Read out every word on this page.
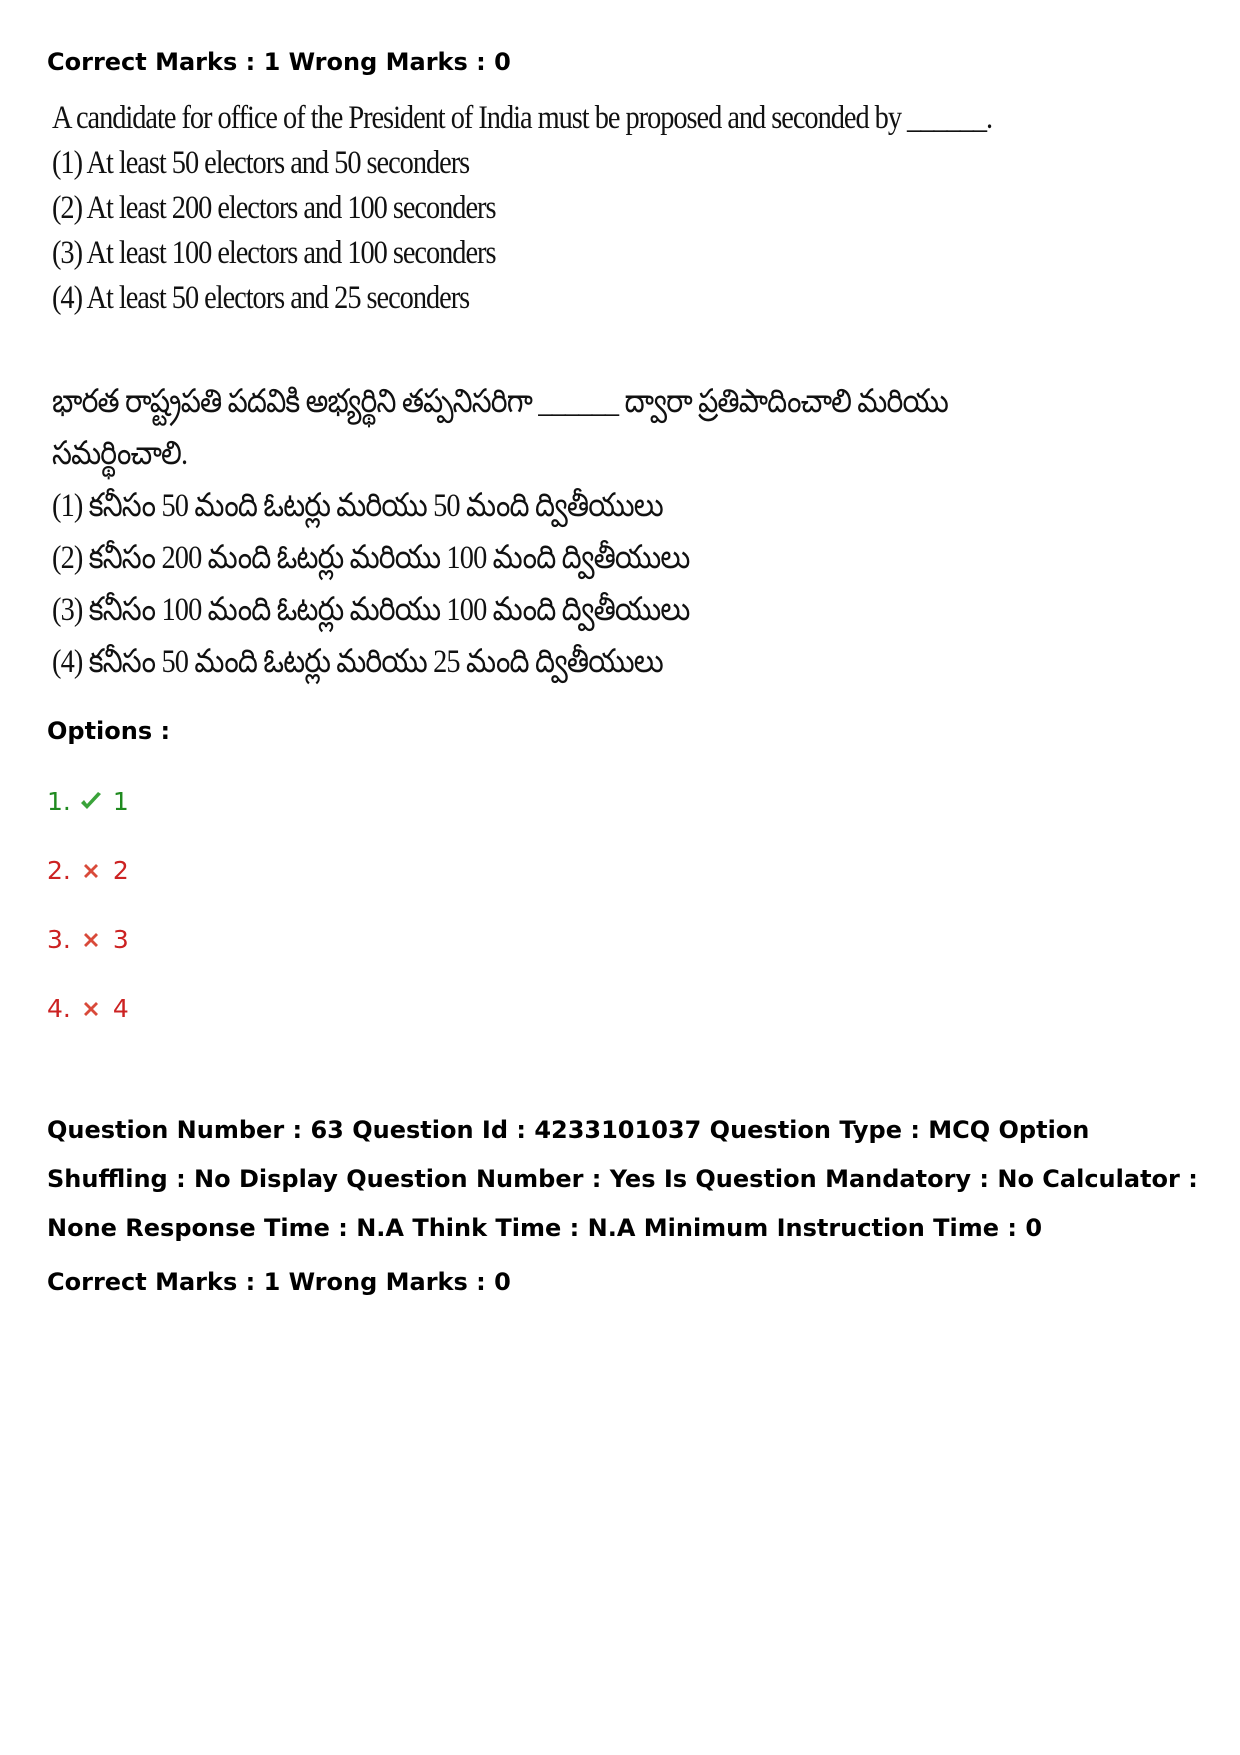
Correct Marks : 1 Wrong Marks : 0

A candidate for office of the President of India must be proposed and seconded by ______.
(1) At least 50 electors and 50 seconders
(2) At least 200 electors and 100 seconders
(3) At least 100 electors and 100 seconders
(4) At least 50 electors and 25 seconders
భారత రాష్ట్రపతి పదవికి అభ్యర్థిని తప్పనిసరిగా ______ ద్వారా ప్రతిపాదించాలి మరియు
సమర్థించాలి.
(1) కనీసం 50 మంది ఓటర్లు మరియు 50 మంది ద్వితీయులు
(2) కనీసం 200 మంది ఓటర్లు మరియు 100 మంది ద్వితీయులు
(3) కనీసం 100 మంది ఓటర్లు మరియు 100 మంది ద్వితీయులు
(4) కనీసం 50 మంది ఓటర్లు మరియు 25 మంది ద్వితీయులు

Options :

1. 1
2. 2
3. 3
4. 4
Question Number : 63 Question Id : 4233101037 Question Type : MCQ Option Shuffling : No Display Question Number : Yes Is Question Mandatory : No Calculator : None Response Time : N.A Think Time : N.A Minimum Instruction Time : 0

Correct Marks : 1 Wrong Marks : 0
